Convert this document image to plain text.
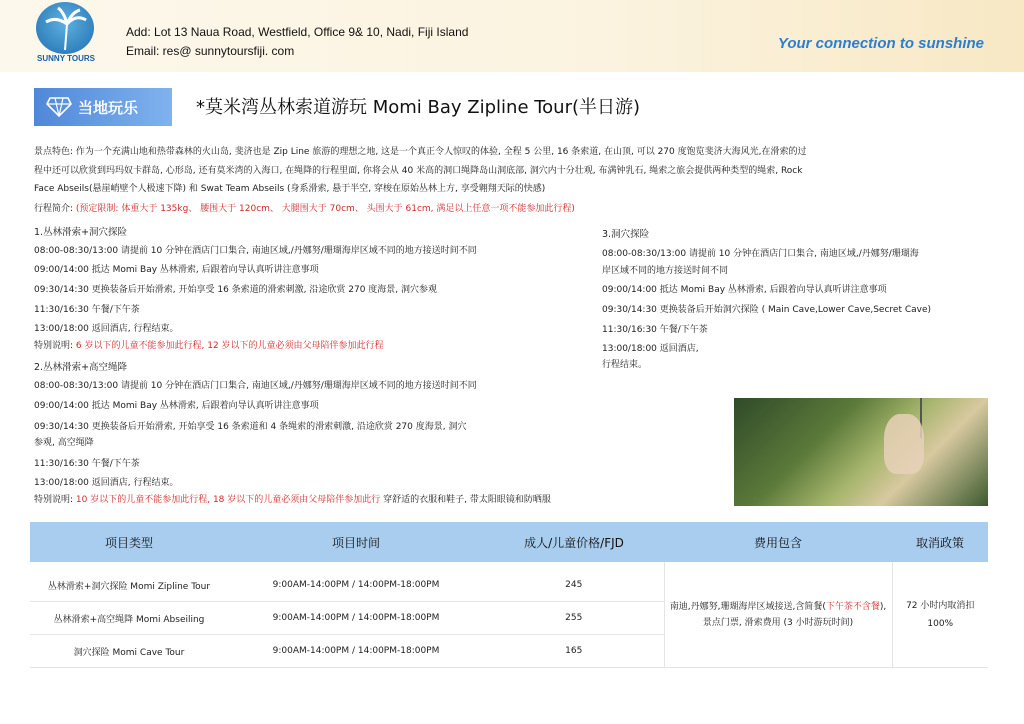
SUNNY TOURS
Add: Lot 13 Naua Road, Westfield, Office 9& 10, Nadi, Fiji Island
Email: res@ sunnytoursfiji. com	Your connection to sunshine
当地玩乐	*莫米湾丛林索道游玩 Momi Bay Zipline Tour(半日游)
景点特色: 作为一个充满山地和热带森林的火山岛, 斐济也是 Zip Line 旅游的理想之地, 这是一个真正令人惊叹的体验, 全程 5 公里, 16 条索道, 在山顶, 可以 270 度饱览斐济大海风光,在滑索的过
程中还可以欣赏到玛玛奴卡群岛, 心形岛, 还有莫米湾的入海口, 在绳降的行程里面, 你将会从 40 米高的洞口绳降岛山洞底部, 洞穴内十分壮观, 布满钟乳石, 绳索之旅会提供两种类型的绳索, Rock
Face Abseils(悬崖峭壁个人极速下降) 和 Swat Team Abseils (身系滑索, 悬于半空, 穿梭在原始丛林上方, 享受翱翔天际的快感)
行程简介: (预定限制: 体重大于 135kg、 腰围大于 120cm、 大腿围大于 70cm、 头围大于 61cm, 满足以上任意一项不能参加此行程)
1.丛林滑索+洞穴探险
08:00-08:30/13:00 请提前 10 分钟在酒店门口集合, 南迪区域,/丹娜努/珊瑚海岸区域不同的地方接送时间不同
09:00/14:00 抵达 Momi Bay 丛林滑索, 后跟着向导认真听讲注意事项
09:30/14:30 更换装备后开始滑索, 开始享受 16 条索道的滑索刺激, 沿途欣赏 270 度海景, 洞穴参观
11:30/16:30 午餐/下午茶
13:00/18:00 返回酒店, 行程结束。
特别说明: 6 岁以下的儿童不能参加此行程, 12 岁以下的儿童必须由父母陪伴参加此行程
2.丛林滑索+高空绳降
08:00-08:30/13:00 请提前 10 分钟在酒店门口集合, 南迪区域,/丹娜努/珊瑚海岸区域不同的地方接送时间不同
09:00/14:00 抵达 Momi Bay 丛林滑索, 后跟着向导认真听讲注意事项
09:30/14:30 更换装备后开始滑索, 开始享受 16 条索道和 4 条绳索的滑索刺激, 沿途欣赏 270 度海景, 洞穴
参观, 高空绳降
11:30/16:30 午餐/下午茶
13:00/18:00 返回酒店, 行程结束。
特别说明: 10 岁以下的儿童不能参加此行程, 18 岁以下的儿童必须由父母陪伴参加此行 穿舒适的衣服和鞋子, 带太阳眼镜和防晒服
3.洞穴探险
08:00-08:30/13:00 请提前 10 分钟在酒店门口集合, 南迪区域,/丹娜努/珊瑚海
岸区域不同的地方接送时间不同
09:00/14:00 抵达 Momi Bay 丛林滑索, 后跟着向导认真听讲注意事项
09:30/14:30 更换装备后开始洞穴探险 ( Main Cave,Lower Cave,Secret Cave)
11:30/16:30 午餐/下午茶
13:00/18:00 返回酒店,
行程结束。
项目类型	项目时间	成人/儿童价格/FJD	费用包含	取消政策
丛林滑索+洞穴探险 Momi Zipline Tour	9:00AM-14:00PM / 14:00PM-18:00PM	245	南迪,丹娜努,珊瑚海岸区域接送,含简餐(下午茶不含餐), 景点门票, 滑索费用 (3 小时游玩时间)	72 小时内取消扣
100%

丛林滑索+高空绳降 Momi Abseiling	9:00AM-14:00PM / 14:00PM-18:00PM	255		
洞穴探险 Momi Cave Tour	9:00AM-14:00PM / 14:00PM-18:00PM	165		
